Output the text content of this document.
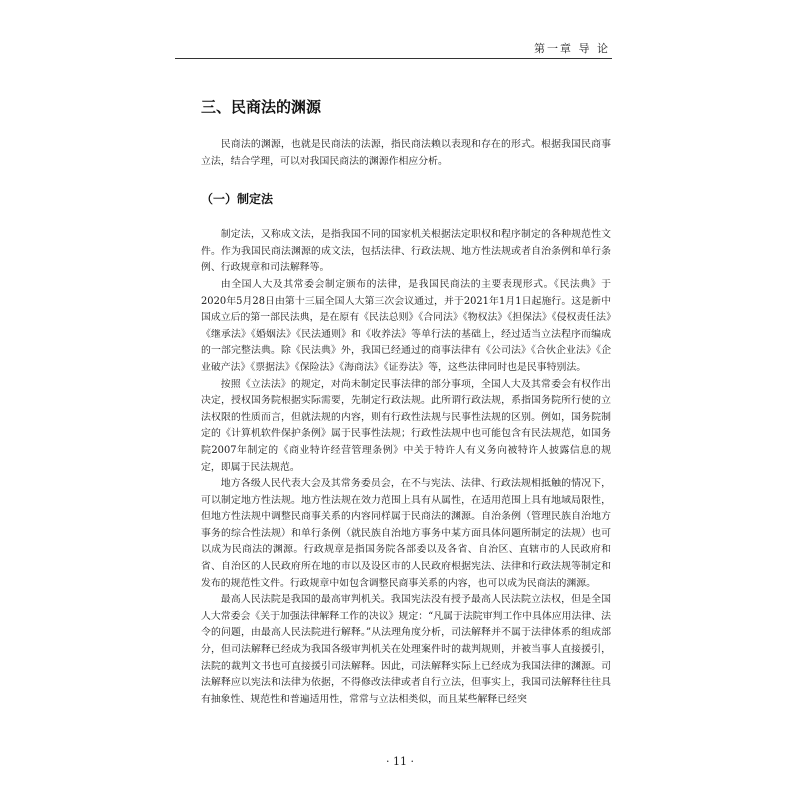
第一章 导 论
三、民商法的渊源

民商法的渊源，也就是民商法的法源，指民商法赖以表现和存在的形式。根据我国民商事立法，结合学理，可以对我国民商法的渊源作相应分析。

（一）制定法

制定法，又称成文法，是指我国不同的国家机关根据法定职权和程序制定的各种规范性文件。作为我国民商法渊源的成文法，包括法律、行政法规、地方性法规或者自治条例和单行条例、行政规章和司法解释等。

由全国人大及其常委会制定颁布的法律，是我国民商法的主要表现形式。《民法典》于2020年5月28日由第十三届全国人大第三次会议通过，并于2021年1月1日起施行。这是新中国成立后的第一部民法典，是在原有《民法总则》《合同法》《物权法》《担保法》《侵权责任法》《继承法》《婚姻法》《民法通则》和《收养法》等单行法的基础上，经过适当立法程序而编成的一部完整法典。除《民法典》外，我国已经通过的商事法律有《公司法》《合伙企业法》《企业破产法》《票据法》《保险法》《海商法》《证券法》等，这些法律同时也是民事特别法。

按照《立法法》的规定，对尚未制定民事法律的部分事项，全国人大及其常委会有权作出决定，授权国务院根据实际需要，先制定行政法规。此所谓行政法规，系指国务院所行使的立法权限的性质而言，但就法规的内容，则有行政性法规与民事性法规的区别。例如，国务院制定的《计算机软件保护条例》属于民事性法规；行政性法规中也可能包含有民法规范，如国务院2007年制定的《商业特许经营管理条例》中关于特许人有义务向被特许人披露信息的规定，即属于民法规范。

地方各级人民代表大会及其常务委员会，在不与宪法、法律、行政法规相抵触的情况下，可以制定地方性法规。地方性法规在效力范围上具有从属性，在适用范围上具有地域局限性，但地方性法规中调整民商事关系的内容同样属于民商法的渊源。自治条例（管理民族自治地方事务的综合性法规）和单行条例（就民族自治地方事务中某方面具体问题所制定的法规）也可以成为民商法的渊源。行政规章是指国务院各部委以及各省、自治区、直辖市的人民政府和省、自治区的人民政府所在地的市以及设区市的人民政府根据宪法、法律和行政法规等制定和发布的规范性文件。行政规章中如包含调整民商事关系的内容，也可以成为民商法的渊源。

最高人民法院是我国的最高审判机关。我国宪法没有授予最高人民法院立法权，但是全国人大常委会《关于加强法律解释工作的决议》规定：“凡属于法院审判工作中具体应用法律、法令的问题，由最高人民法院进行解释。”从法理角度分析，司法解释并不属于法律体系的组成部分，但司法解释已经成为我国各级审判机关在处理案件时的裁判规则，并被当事人直接援引，法院的裁判文书也可直接援引司法解释。因此，司法解释实际上已经成为我国法律的渊源。司法解释应以宪法和法律为依据，不得修改法律或者自行立法，但事实上，我国司法解释往往具有抽象性、规范性和普遍适用性，常常与立法相类似，而且某些解释已经突

· 11 ·
